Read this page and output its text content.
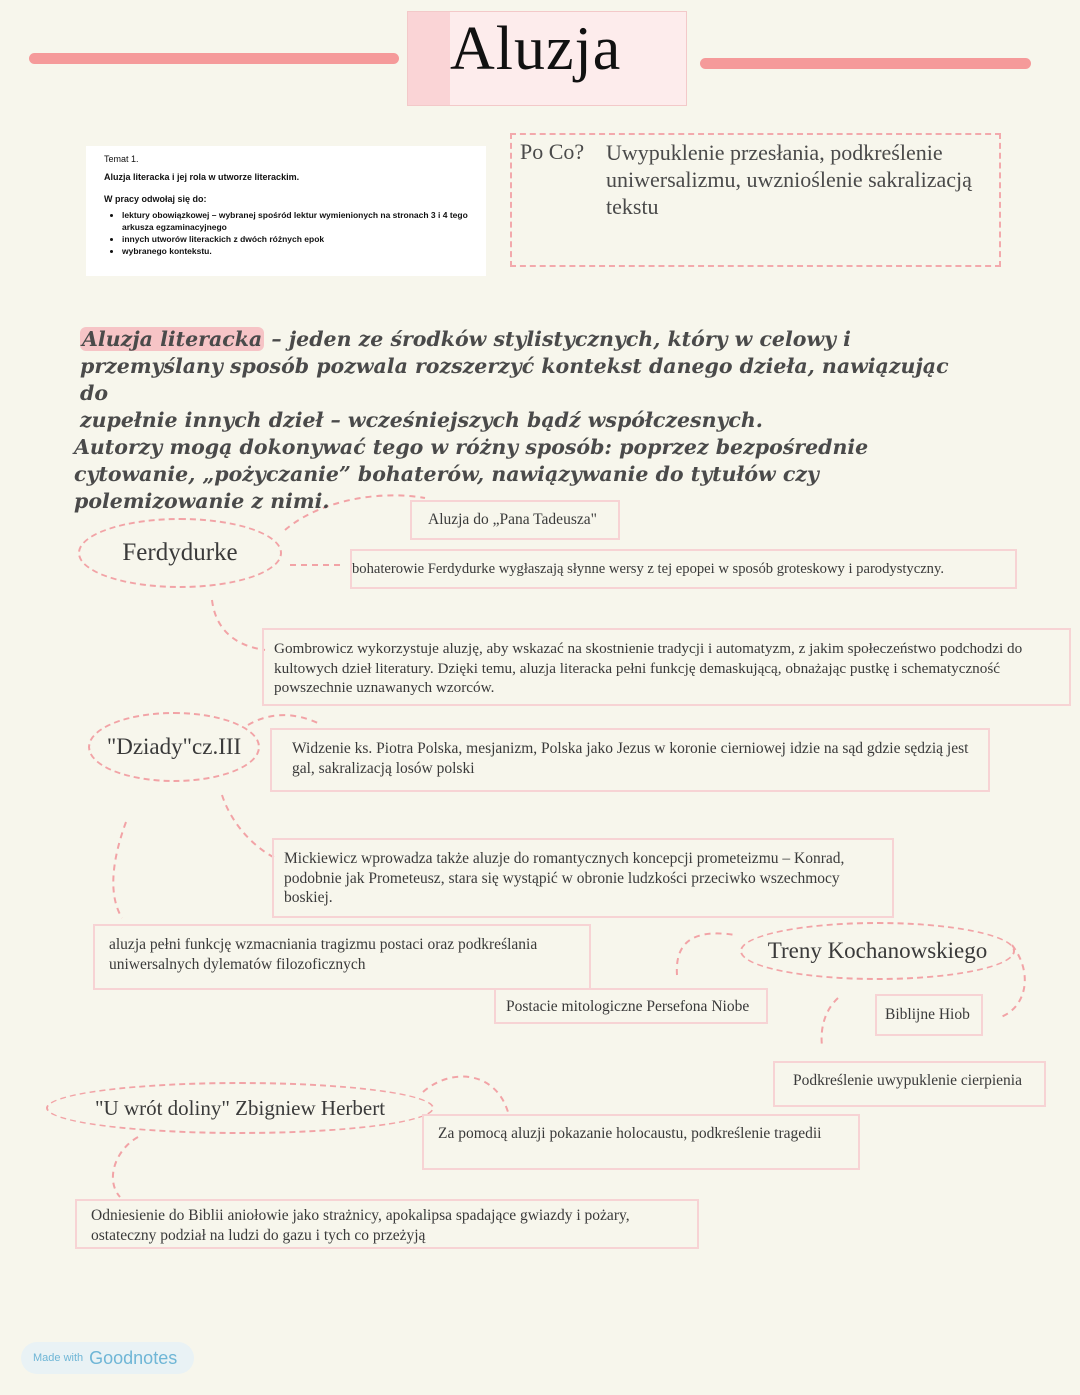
Aluzja
Temat 1.
Aluzja literacka i jej rola w utworze literackim.
W pracy odwołaj się do:
• lektury obowiązkowej – wybranej spośród lektur wymienionych na stronach 3 i 4 tego arkusza egzaminacyjnego
• innych utworów literackich z dwóch różnych epok
• wybranego kontekstu.
Po Co? Uwypuklenie przesłania, podkreślenie uniwersalizmu, uwznioślenie sakralizacją tekstu

Aluzja literacka – jeden ze środków stylistycznych, który w celowy i

przemyślany sposób pozwala rozszerzyć kontekst danego dzieła, nawiązując do

zupełnie innych dzieł – wcześniejszych bądź współczesnych.

Autorzy mogą dokonywać tego w różny sposób: poprzez bezpośrednie

cytowanie, „pożyczanie” bohaterów, nawiązywanie do tytułów czy

polemizowanie z nimi.

Ferdydurke
Aluzja do „Pana Tadeusza"
bohaterowie Ferdydurke wygłaszają słynne wersy z tej epopei w sposób groteskowy i parodystyczny.
Gombrowicz wykorzystuje aluzję, aby wskazać na skostnienie tradycji i automatyzm, z jakim społeczeństwo podchodzi do kultowych dzieł literatury. Dzięki temu, aluzja literacka pełni funkcję demaskującą, obnażając pustkę i schematyczność powszechnie uznawanych wzorców.
"Dziady"cz.III	Widzenie ks. Piotra Polska, mesjanizm, Polska jako Jezus w koronie cierniowej idzie na sąd gdzie sędzią jest gal, sakralizacją losów polski
Mickiewicz wprowadza także aluzje do romantycznych koncepcji prometeizmu – Konrad, podobnie jak Prometeusz, stara się wystąpić w obronie ludzkości przeciwko wszechmocy boskiej.
aluzja pełni funkcję wzmacniania tragizmu postaci oraz podkreślania uniwersalnych dylematów filozoficznych
Treny Kochanowskiego
Postacie mitologiczne Persefona Niobe	Biblijne Hiob
Podkreślenie uwypuklenie cierpienia
"U wrót doliny" Zbigniew Herbert
Za pomocą aluzji pokazanie holocaustu, podkreślenie tragedii
Odniesienie do Biblii aniołowie jako strażnicy, apokalipsa spadające gwiazdy i pożary, ostateczny podział na ludzi do gazu i tych co przeżyją
Made with Goodnotes
